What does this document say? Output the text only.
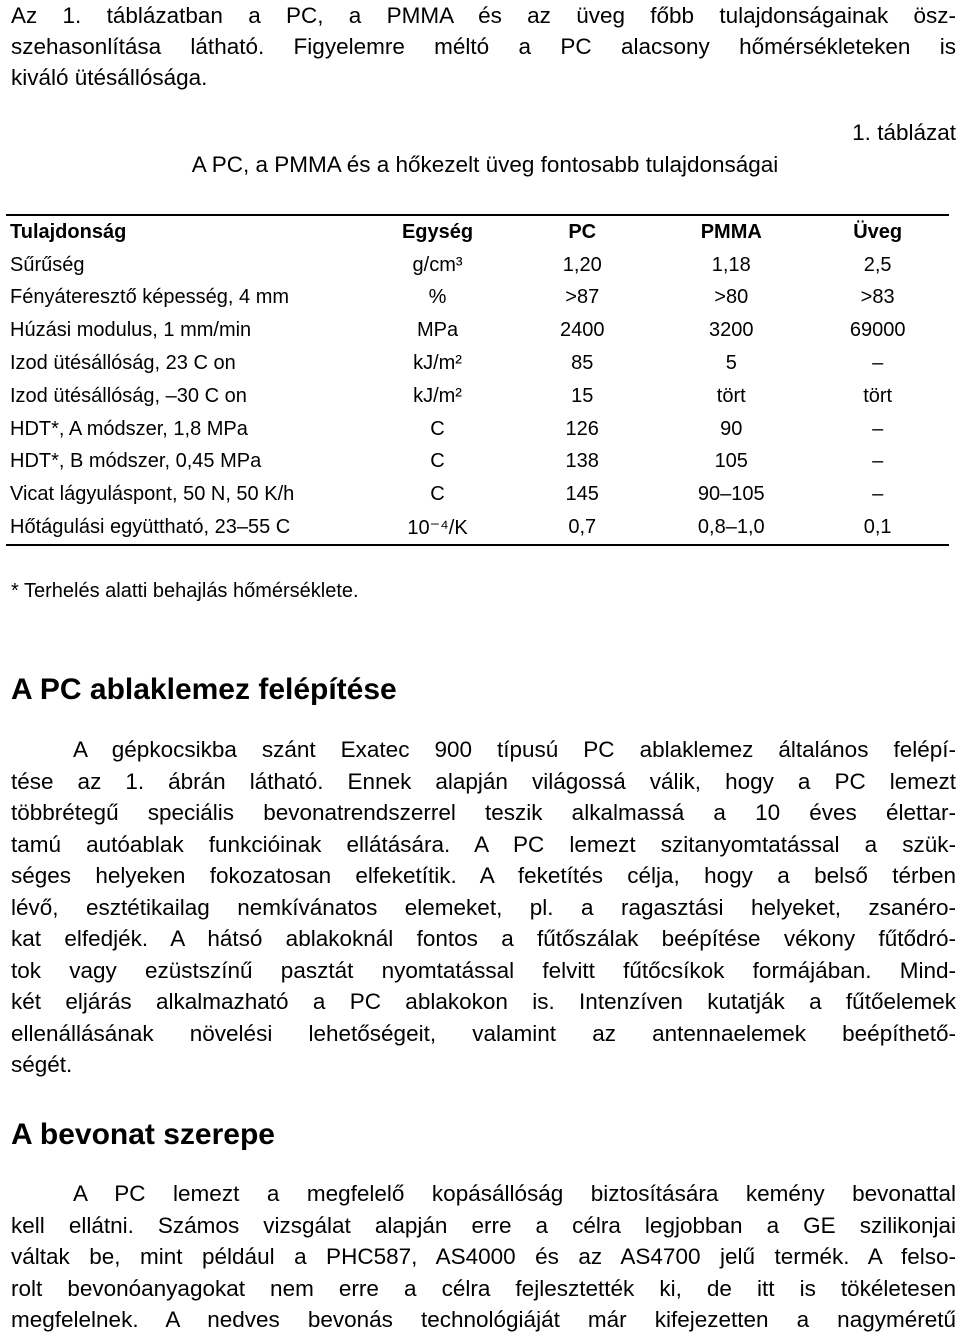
Az 1. táblázatban a PC, a PMMA és az üveg főbb tulajdonságainak ösz-
szehasonlítása látható. Figyelemre méltó a PC alacsony hőmérsékleteken is
kiváló ütésállósága.
1. táblázat
A PC, a PMMA és a hőkezelt üveg fontosabb tulajdonságai
Tulajdonság	Egység	PC	PMMA	Üveg
Sűrűség	g/cm³	1,20	1,18	2,5
Fényáteresztő képesség, 4 mm	%	>87	>80	>83
Húzási modulus, 1 mm/min	MPa	2400	3200	69000
Izod ütésállóság, 23 C on	kJ/m²	85	5	–
Izod ütésállóság, –30 C on	kJ/m²	15	tört	tört
HDT*, A módszer, 1,8 MPa	C	126	90	–
HDT*, B módszer, 0,45 MPa	C	138	105	–
Vicat lágyuláspont, 50 N, 50 K/h	C	145	90–105	–
Hőtágulási együttható, 23–55 C	10⁻⁴/K	0,7	0,8–1,0	0,1
* Terhelés alatti behajlás hőmérséklete.
A PC ablaklemez felépítése
A gépkocsikba szánt Exatec 900 típusú PC ablaklemez általános felépí-
tése az 1. ábrán látható. Ennek alapján világossá válik, hogy a PC lemezt
többrétegű speciális bevonatrendszerrel teszik alkalmassá a 10 éves élettar-
tamú autóablak funkcióinak ellátására. A PC lemezt szitanyomtatással a szük-
séges helyeken fokozatosan elfeketítik. A feketítés célja, hogy a belső térben
lévő, esztétikailag nemkívánatos elemeket, pl. a ragasztási helyeket, zsanéro-
kat elfedjék. A hátsó ablakoknál fontos a fűtőszálak beépítése vékony fűtődró-
tok vagy ezüstszínű pasztát nyomtatással felvitt fűtőcsíkok formájában. Mind-
két eljárás alkalmazható a PC ablakokon is. Intenzíven kutatják a fűtőelemek
ellenállásának növelési lehetőségeit, valamint az antennaelemek beépíthető-
ségét.
A bevonat szerepe
A PC lemezt a megfelelő kopásállóság biztosítására kemény bevonattal
kell ellátni. Számos vizsgálat alapján erre a célra legjobban a GE szilikonjai
váltak be, mint például a PHC587, AS4000 és az AS4700 jelű termék. A felso-
rolt bevonóanyagokat nem erre a célra fejlesztették ki, de itt is tökéletesen
megfelelnek. A nedves bevonás technológiáját már kifejezetten a nagyméretű
